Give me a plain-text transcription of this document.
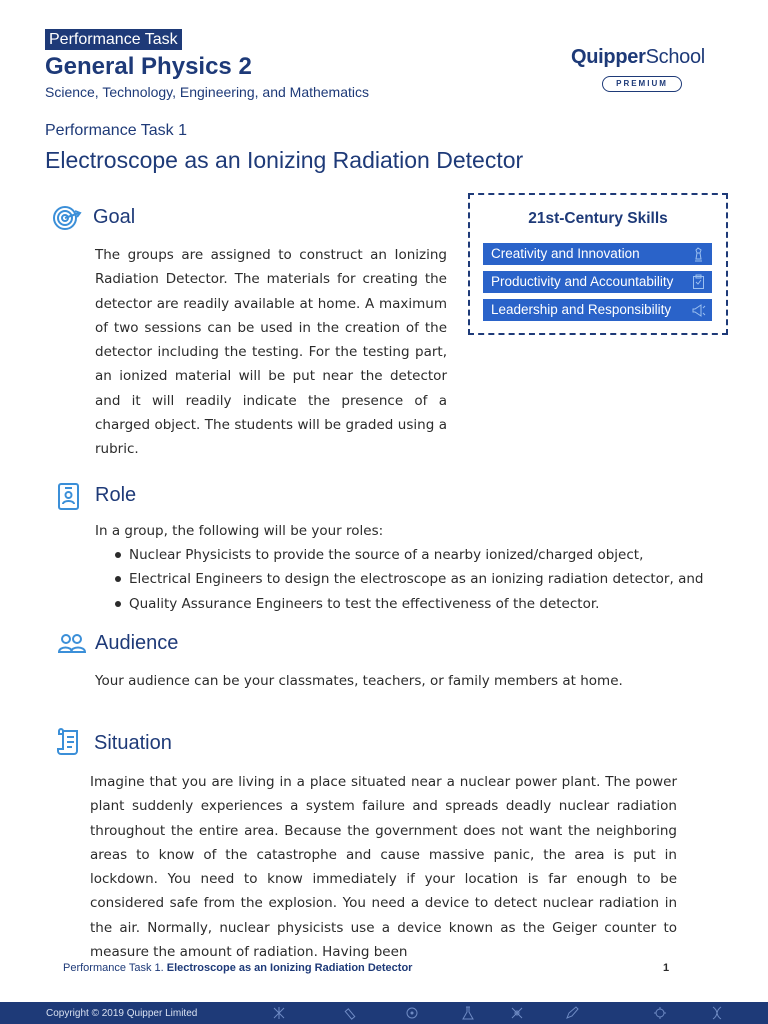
Performance Task
General Physics 2
Science, Technology, Engineering, and Mathematics
QuipperSchool
PREMIUM
Performance Task 1
Electroscope as an Ionizing Radiation Detector
Goal
The groups are assigned to construct an Ionizing Radiation Detector. The materials for creating the detector are readily available at home. A maximum of two sessions can be used in the creation of the detector including the testing. For the testing part, an ionized material will be put near the detector and it will readily indicate the presence of a charged object. The students will be graded using a rubric.
21st-Century Skills
Creativity and Innovation
Productivity and Accountability
Leadership and Responsibility
Role
In a group, the following will be your roles:
Nuclear Physicists to provide the source of a nearby ionized/charged object,
Electrical Engineers to design the electroscope as an ionizing radiation detector, and
Quality Assurance Engineers to test the effectiveness of the detector.
Audience
Your audience can be your classmates, teachers, or family members at home.
Situation
Imagine that you are living in a place situated near a nuclear power plant. The power plant suddenly experiences a system failure and spreads deadly nuclear radiation throughout the entire area. Because the government does not want the neighboring areas to know of the catastrophe and cause massive panic, the area is put in lockdown. You need to know immediately if your location is far enough to be considered safe from the explosion. You need a device to detect nuclear radiation in the air. Normally, nuclear physicists use a device known as the Geiger counter to measure the amount of radiation. Having been
Performance Task 1. Electroscope as an Ionizing Radiation Detector	1
Copyright © 2019 Quipper Limited
